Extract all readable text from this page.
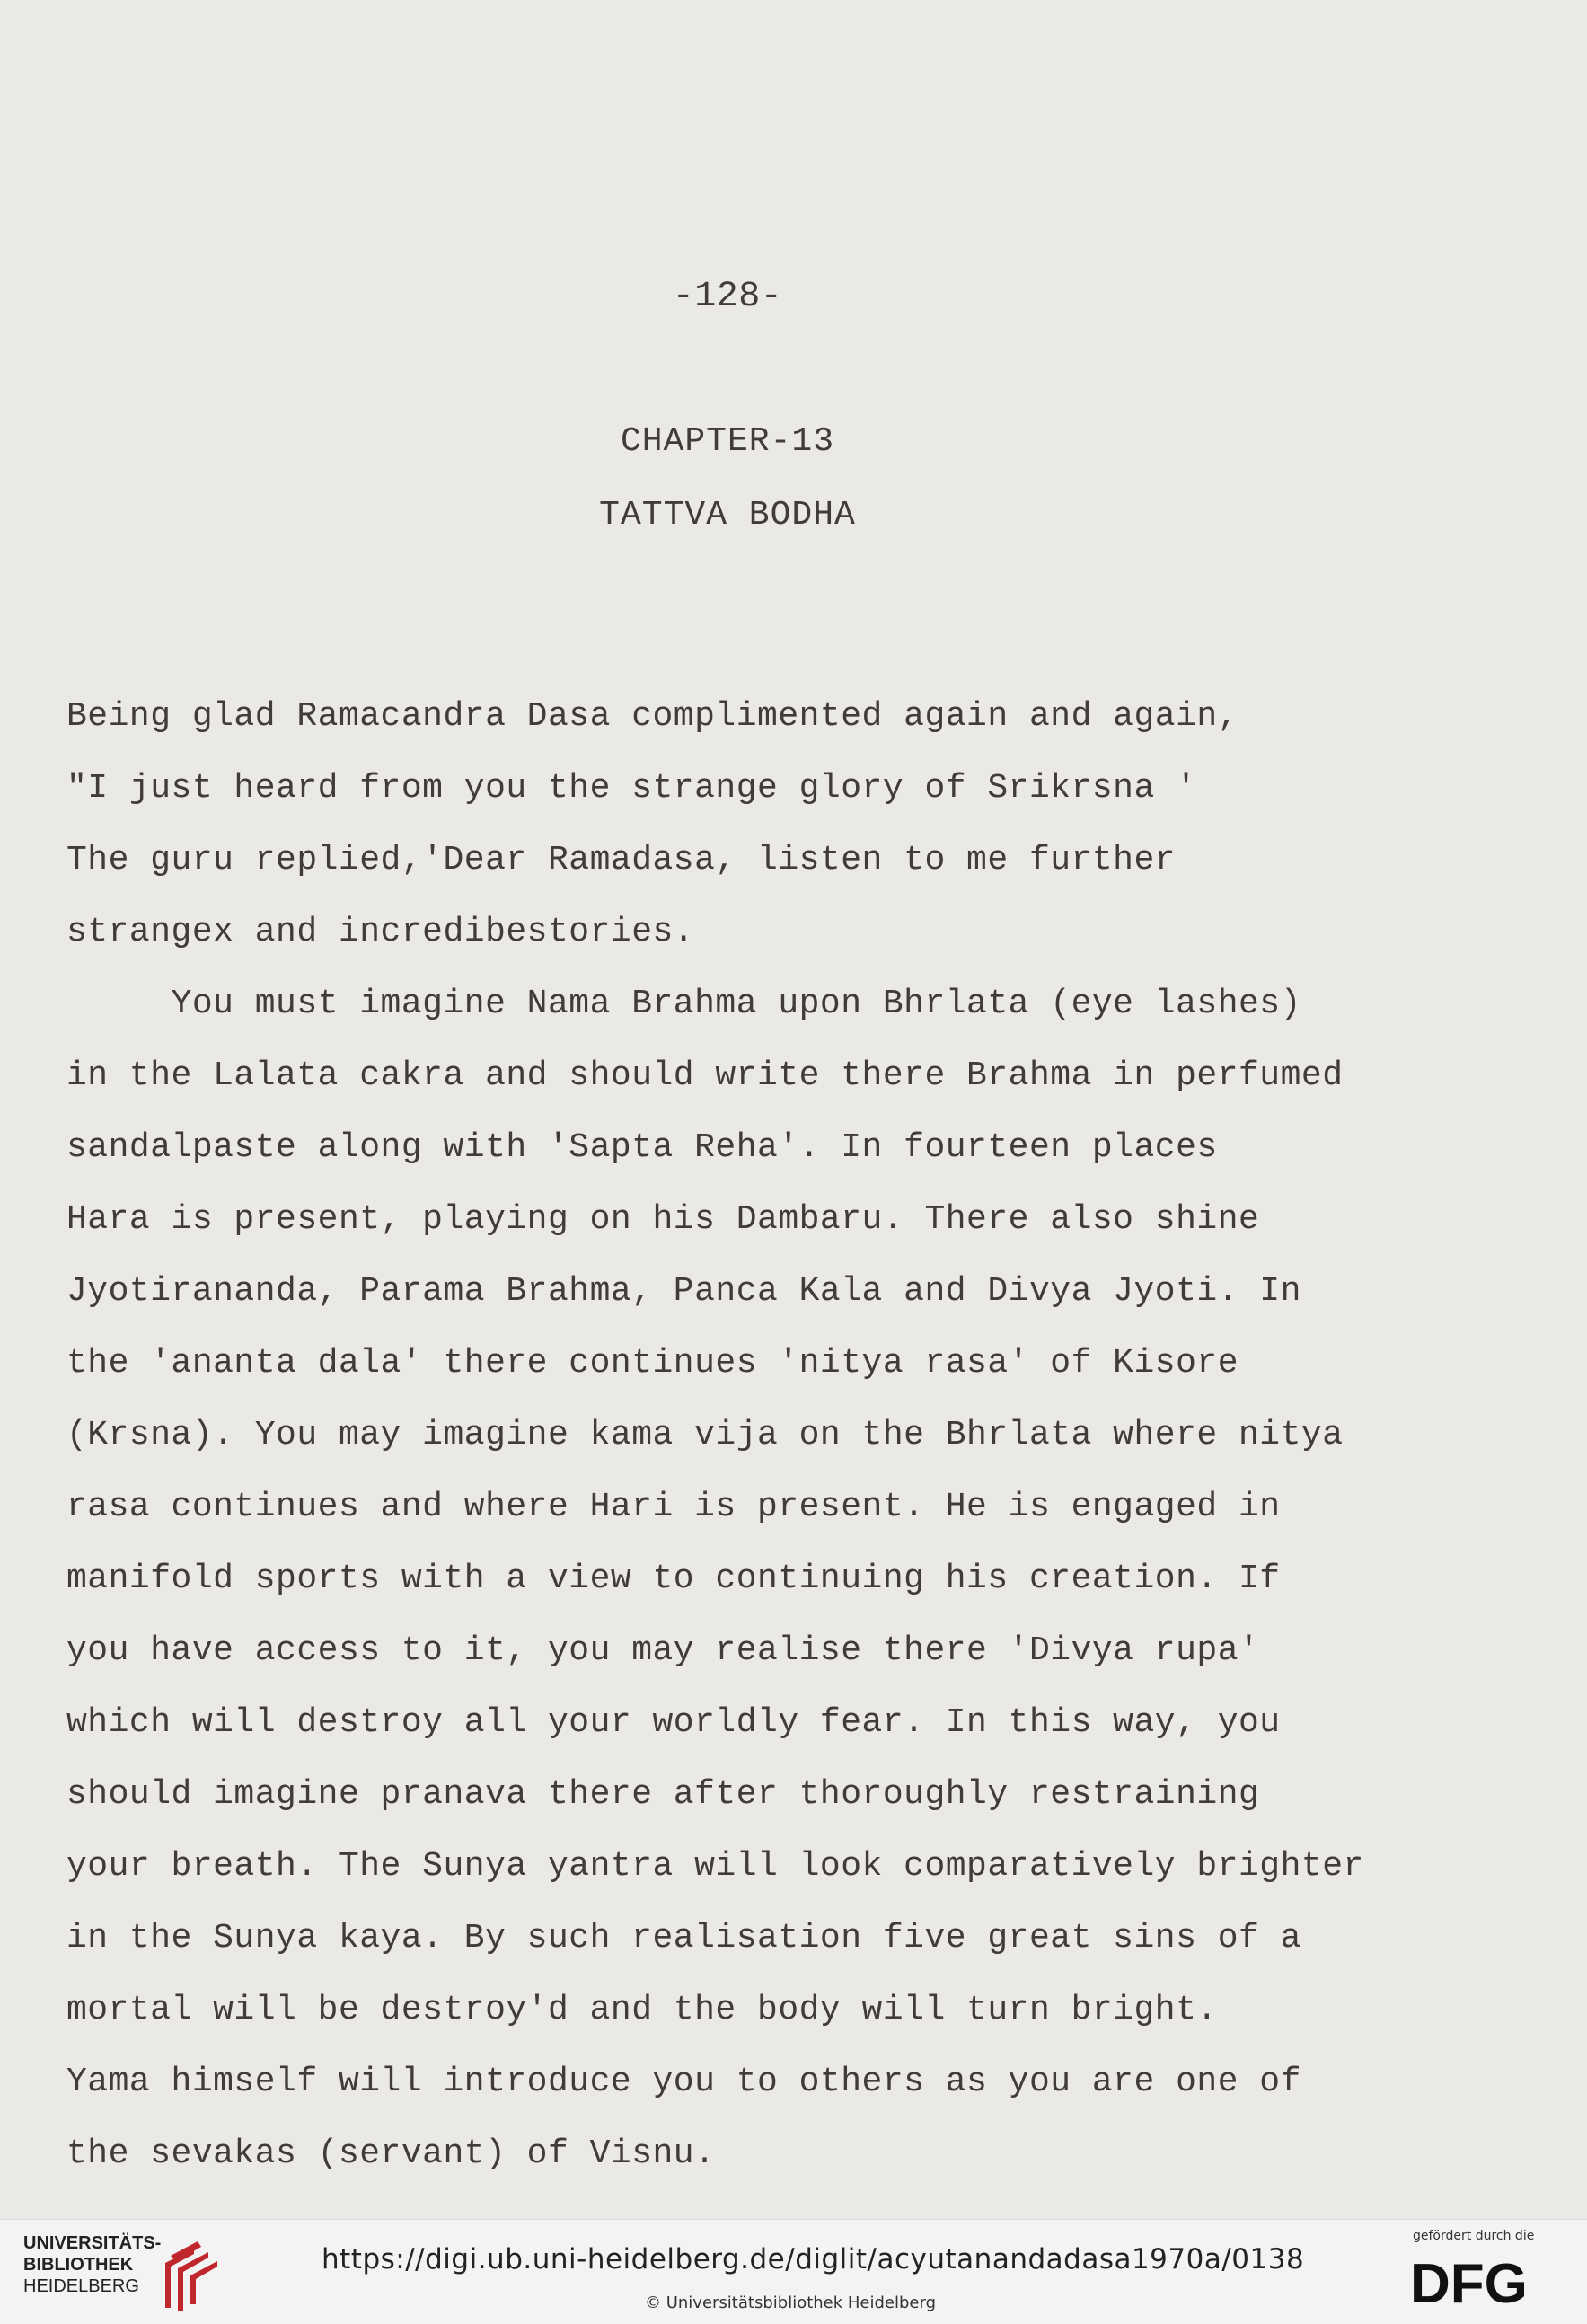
-128-
CHAPTER-13
TATTVA BODHA
Being glad Ramacandra Dasa complimented again and again,
"I just heard from you the strange glory of Srikrsna '
The guru replied,'Dear Ramadasa, listen to me further
strangex and incredibestories.
You must imagine Nama Brahma upon Bhrlata (eye lashes)
in the Lalata cakra and should write there Brahma in perfumed
sandalpaste along with 'Sapta Reha'. In fourteen places
Hara is present, playing on his Dambaru. There also shine
Jyotirananda, Parama Brahma, Panca Kala and Divya Jyoti. In
the 'ananta dala' there continues 'nitya rasa' of Kisore
(Krsna). You may imagine kama vija on the Bhrlata where nitya
rasa continues and where Hari is present. He is engaged in
manifold sports with a view to continuing his creation. If
you have access to it, you may realise there 'Divya rupa'
which will destroy all your worldly fear. In this way, you
should imagine pranava there after thoroughly restraining
your breath. The Sunya yantra will look comparatively brighter
in the Sunya kaya. By such realisation five great sins of a
mortal will be destroy'd and the body will turn bright.
Yama himself will introduce you to others as you are one of
the sevakas (servant) of Visnu.
UNIVERSITÄTS-
BIBLIOTHEK
HEIDELBERG
https://digi.ub.uni-heidelberg.de/diglit/acyutanandadasa1970a/0138
© Universitätsbibliothek Heidelberg
gefördert durch die
DFG
